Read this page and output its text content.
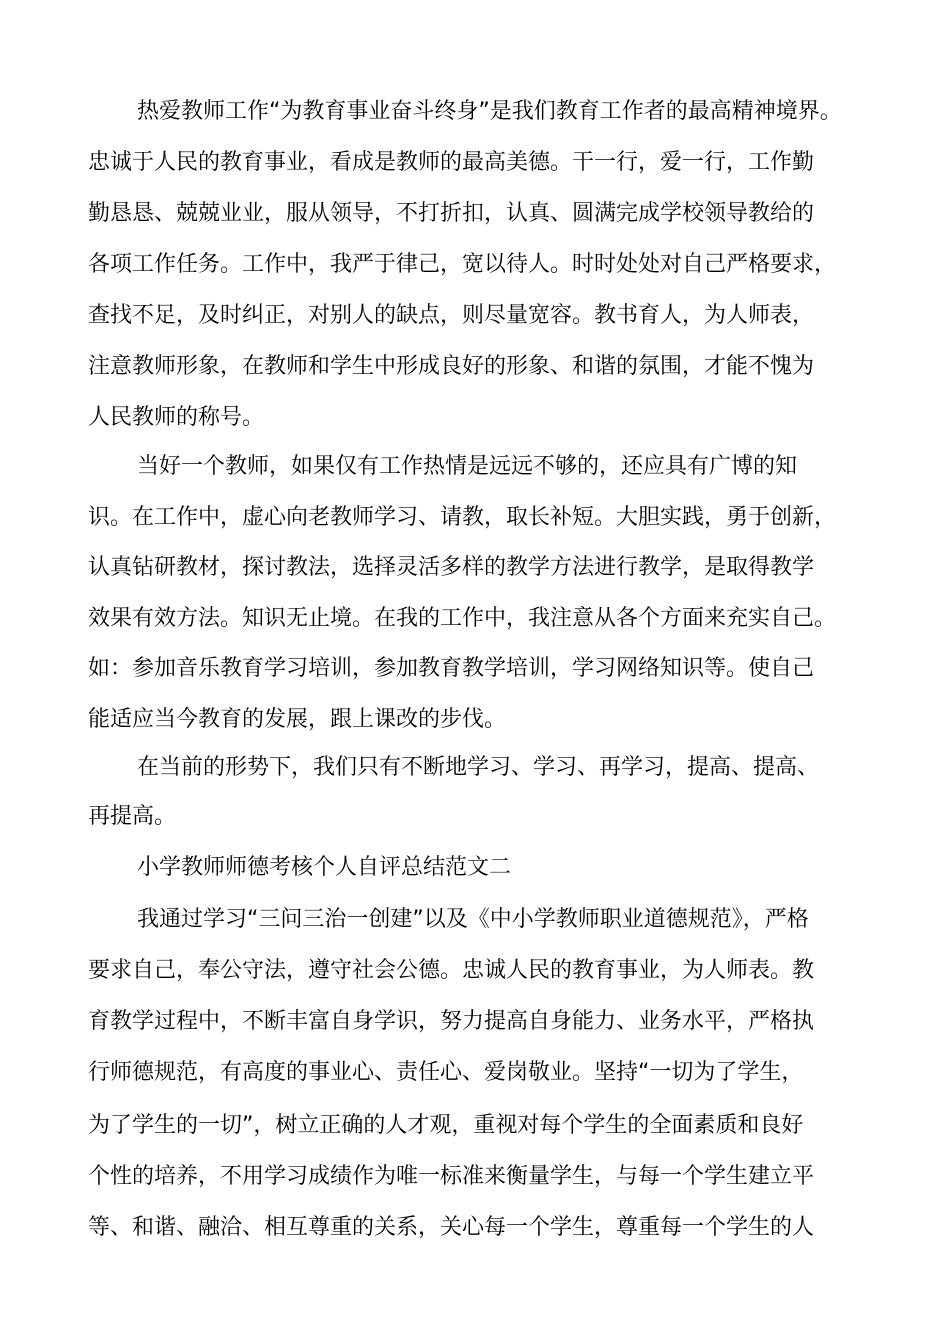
热爱教师工作“为教育事业奋斗终身”是我们教育工作者的最高精神境界。
忠诚于人民的教育事业，看成是教师的最高美德。干一行，爱一行，工作勤
勤恳恳、兢兢业业，服从领导，不打折扣，认真、圆满完成学校领导教给的
各项工作任务。工作中，我严于律己，宽以待人。时时处处对自己严格要求，
查找不足，及时纠正，对别人的缺点，则尽量宽容。教书育人，为人师表，
注意教师形象，在教师和学生中形成良好的形象、和谐的氛围，才能不愧为
人民教师的称号。
当好一个教师，如果仅有工作热情是远远不够的，还应具有广博的知
识。在工作中，虚心向老教师学习、请教，取长补短。大胆实践，勇于创新，
认真钻研教材，探讨教法，选择灵活多样的教学方法进行教学，是取得教学
效果有效方法。知识无止境。在我的工作中，我注意从各个方面来充实自己。
如：参加音乐教育学习培训，参加教育教学培训，学习网络知识等。使自己
能适应当今教育的发展，跟上课改的步伐。
在当前的形势下，我们只有不断地学习、学习、再学习，提高、提高、
再提高。
小学教师师德考核个人自评总结范文二
我通过学习“三问三治一创建”以及《中小学教师职业道德规范》，严格
要求自己，奉公守法，遵守社会公德。忠诚人民的教育事业，为人师表。教
育教学过程中，不断丰富自身学识，努力提高自身能力、业务水平，严格执
行师德规范，有高度的事业心、责任心、爱岗敬业。坚持“一切为了学生，
为了学生的一切”，树立正确的人才观，重视对每个学生的全面素质和良好
个性的培养，不用学习成绩作为唯一标准来衡量学生，与每一个学生建立平
等、和谐、融洽、相互尊重的关系，关心每一个学生，尊重每一个学生的人
